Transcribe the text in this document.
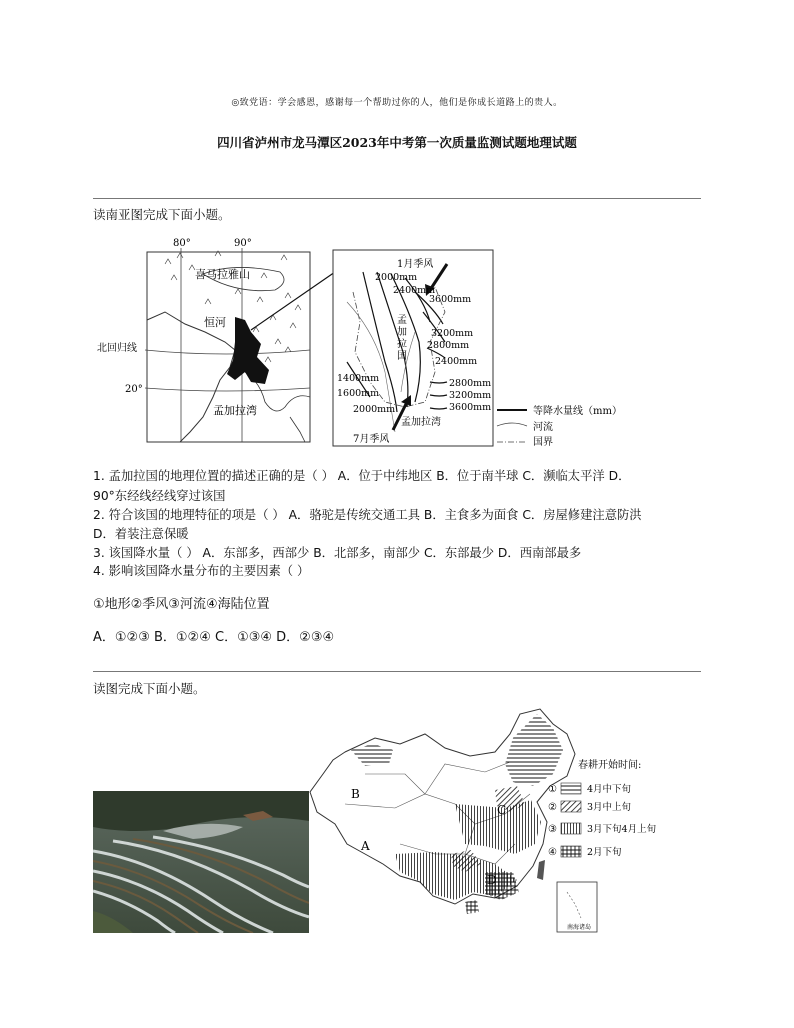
◎致党语：学会感恩，感谢每一个帮助过你的人，他们是你成长道路上的贵人。
四川省泸州市龙马潭区2023年中考第一次质量监测试题地理试题
读南亚图完成下面小题。
80°	90°
喜马拉雅山
恒河
北回归线
20°
孟加拉湾
1月季风
7月季风
2000mm
2400mm
3600mm
3200mm
2800mm
2400mm
1400mm
1600mm
2800mm
3200mm
3600mm
2000mm
孟
加
拉
国
孟加拉湾
等降水量线（mm）
河流
国界
1. 孟加拉国的地理位置的描述正确的是（ ） A．位于中纬地区 B．位于南半球 C．濒临太平洋 D．
90°东经线经线穿过该国
2. 符合该国的地理特征的项是（ ） A．骆驼是传统交通工具 B．主食多为面食 C．房屋修建注意防洪
D．着装注意保暖
3. 该国降水量（ ） A．东部多，西部少 B．北部多，南部少 C．东部最少 D．西南部最多
4. 影响该国降水量分布的主要因素（ ）
①地形②季风③河流④海陆位置
A．①②③ B．①②④ C．①③④ D．②③④
读图完成下面小题。
B
A
C
D
南海诸岛
春耕开始时间:
①	4月中下旬
②	3月中上旬
③	3月下旬4月上旬
④	2月下旬
